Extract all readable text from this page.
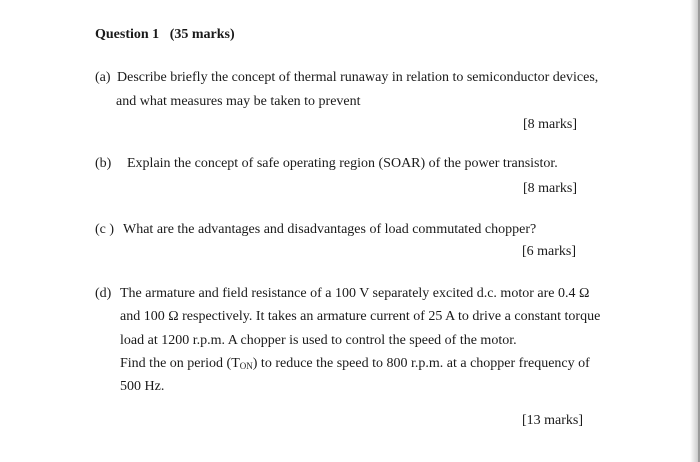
Question 1 (35 marks)
(a) Describe briefly the concept of thermal runaway in relation to semiconductor devices,
and what measures may be taken to prevent
[8 marks]
(b) Explain the concept of safe operating region (SOAR) of the power transistor.
[8 marks]
(c ) What are the advantages and disadvantages of load commutated chopper?
[6 marks]
(d) The armature and field resistance of a 100 V separately excited d.c. motor are 0.4 Ω
and 100 Ω respectively. It takes an armature current of 25 A to drive a constant torque
load at 1200 r.p.m. A chopper is used to control the speed of the motor.
Find the on period $(T_{ON})$ to reduce the speed to 800 r.p.m. at a chopper frequency of
500 Hz.
[13 marks]
